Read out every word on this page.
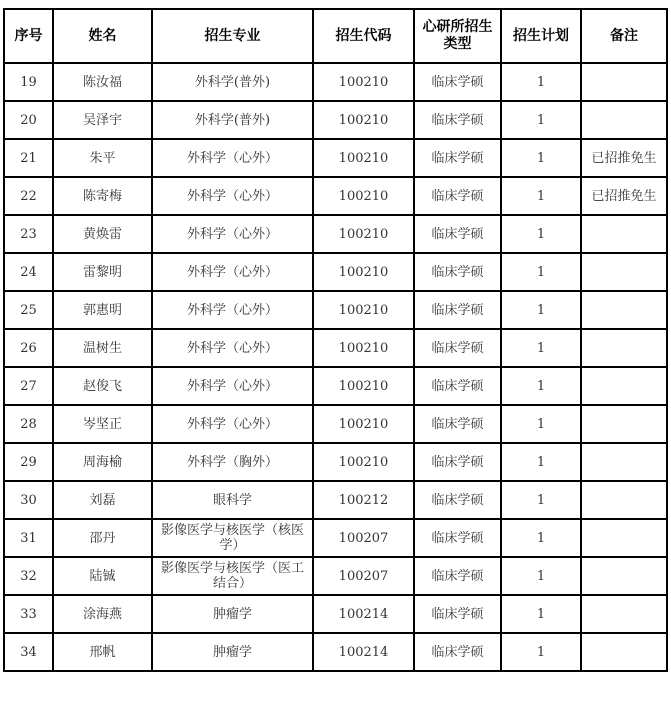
序号	姓名	招生专业	招生代码	心研所招生类型	招生计划	备注
19	陈汝福	外科学(普外)	100210	临床学硕	1	
20	吴泽宇	外科学(普外)	100210	临床学硕	1	
21	朱平	外科学（心外）	100210	临床学硕	1	已招推免生
22	陈寄梅	外科学（心外）	100210	临床学硕	1	已招推免生
23	黄焕雷	外科学（心外）	100210	临床学硕	1	
24	雷黎明	外科学（心外）	100210	临床学硕	1	
25	郭惠明	外科学（心外）	100210	临床学硕	1	
26	温树生	外科学（心外）	100210	临床学硕	1	
27	赵俊飞	外科学（心外）	100210	临床学硕	1	
28	岑坚正	外科学（心外）	100210	临床学硕	1	
29	周海榆	外科学（胸外）	100210	临床学硕	1	
30	刘磊	眼科学	100212	临床学硕	1	
31	邵丹	影像医学与核医学（核医学）	100207	临床学硕	1	
32	陆铖	影像医学与核医学（医工结合）	100207	临床学硕	1	
33	涂海燕	肿瘤学	100214	临床学硕	1	
34	邢帆	肿瘤学	100214	临床学硕	1	
